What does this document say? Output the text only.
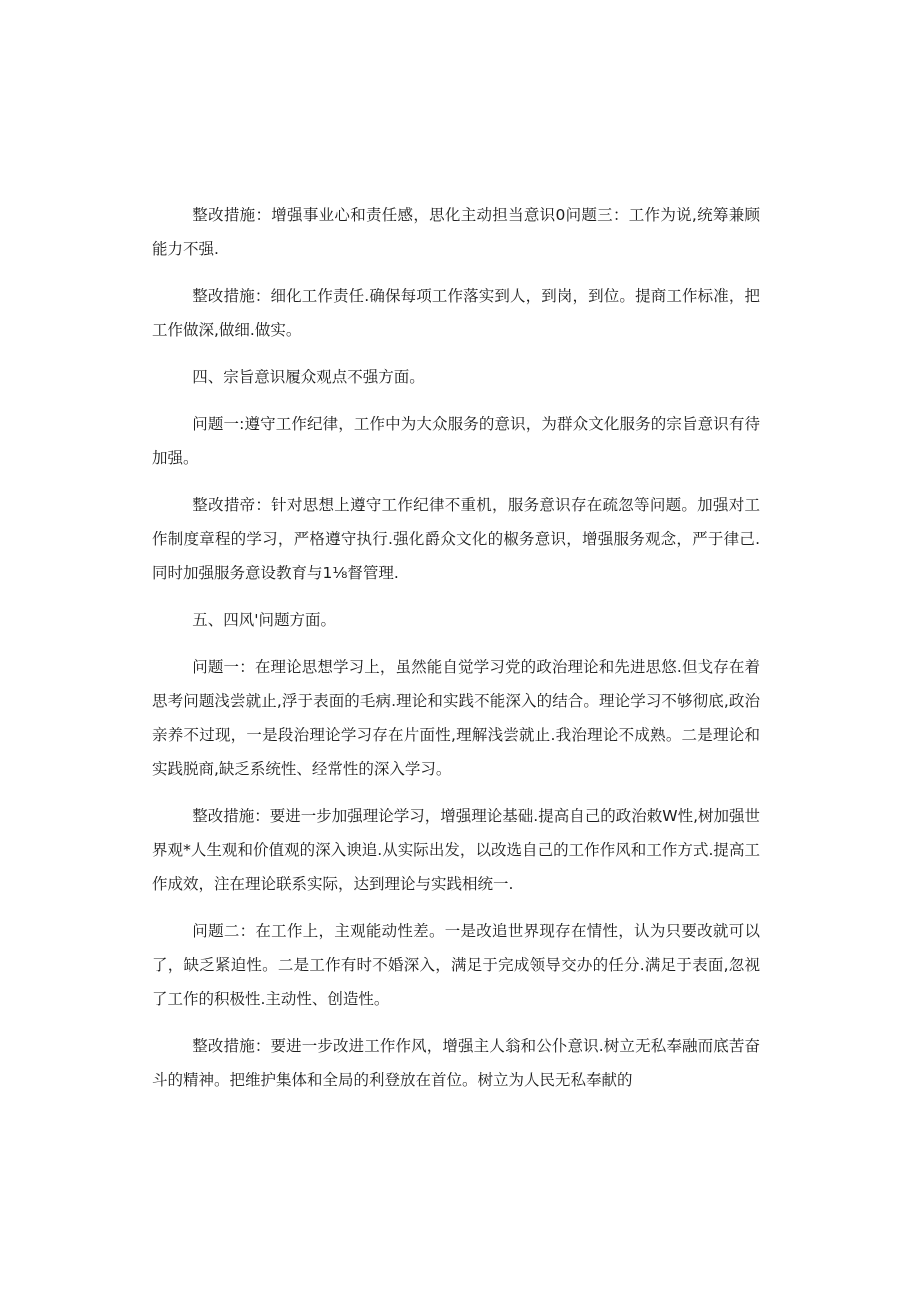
整改措施：增强事业心和责任感，思化主动担当意识0问题三：工作为说,统筹兼顾能力不强.

整改措施：细化工作责任.确保每项工作落实到人，到岗，到位。提商工作标准，把工作做深,做细.做实。

四、宗旨意识履众观点不强方面。

问题一:遵守工作纪律，工作中为大众服务的意识，为群众文化服务的宗旨意识有待加强。

整改措帝：针对思想上遵守工作纪律不重机，服务意识存在疏忽等问题。加强对工作制度章程的学习，严格遵守执行.强化爵众文化的椒务意识，增强服务观念，严于律己.同时加强服务意设教育与1⅛督管理.

五、四风'问题方面。

问题一：在理论思想学习上，虽然能自觉学习党的政治理论和先进思悠.但戈存在着思考问题浅尝就止,浮于表面的毛病.理论和实践不能深入的结合。理论学习不够彻底,政治亲养不过现，一是段治理论学习存在片面性,理解浅尝就止.我治理论不成熟。二是理论和实践脱商,缺乏系统性、经常性的深入学习。

整改措施：要进一步加强理论学习，增强理论基础.提高自己的政治敕W性,树加强世界观*人生观和价值观的深入谀追.从实际出发，以改选自己的工作作风和工作方式.提高工作成效，注在理论联系实际，达到理论与实践相统一.

问题二：在工作上，主观能动性差。一是改追世界现存在情性，认为只要改就可以了，缺乏紧迫性。二是工作有时不婚深入，满足于完成领导交办的任分.满足于表面,忽视了工作的积极性.主动性、创造性。

整改措施：要进一步改进工作作风，增强主人翁和公仆意识.树立无私奉融而底苦奋斗的精神。把维护集体和全局的利登放在首位。树立为人民无私奉献的
